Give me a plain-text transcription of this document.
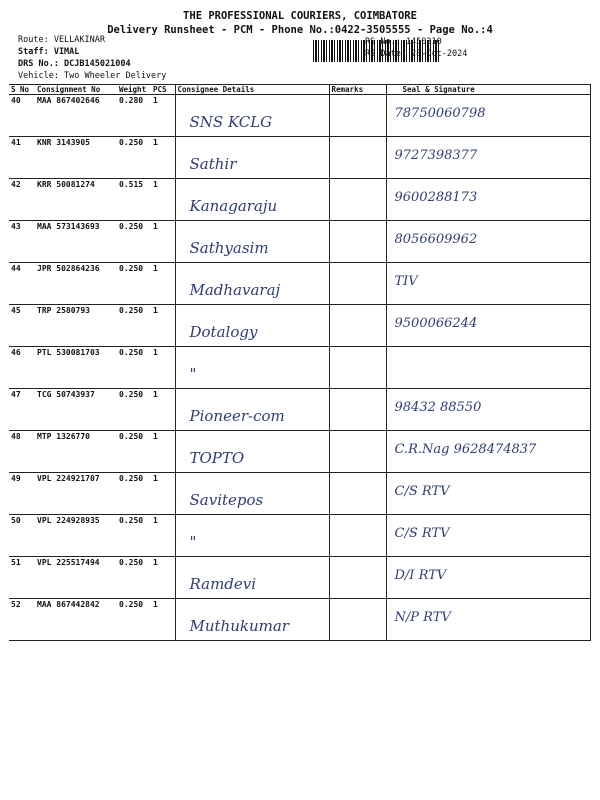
THE PROFESSIONAL COURIERS, COIMBATORE
Delivery Runsheet - PCM - Phone No.:0422-3505555 - Page No.:4
Route: VELLAKINAR
Staff: VIMAL
DRS No.: DCJB145021004
Vehicle: Two Wheeler Delivery
RS No.: 1450210
RS Date: 28-Oct-2024
S No	Consignment No	Weight	PCS	Consignee Details	Remarks	Seal & Signature
40	MAA 867402646	0.280	1	SNS KCLG		78750060798

41	KNR 3143905	0.250	1	Sathir		9727398377

42	KRR 50081274	0.515	1	Kanagaraju		9600288173

43	MAA 573143693	0.250	1	Sathyasim		8056609962

44	JPR 502864236	0.250	1	Madhavaraj		TIV

45	TRP 2580793	0.250	1	Dotalogy		9500066244

46	PTL 530081703	0.250	1	"		

47	TCG 50743937	0.250	1	Pioneer-com		98432 88550

48	MTP 1326770	0.250	1	TOPTO		C.R.Nag 9628474837

49	VPL 224921707	0.250	1	Savitepos		C/S RTV

50	VPL 224928935	0.250	1	"		C/S RTV

51	VPL 225517494	0.250	1	Ramdevi		D/I RTV

52	MAA 867442842	0.250	1	Muthukumar		N/P RTV
